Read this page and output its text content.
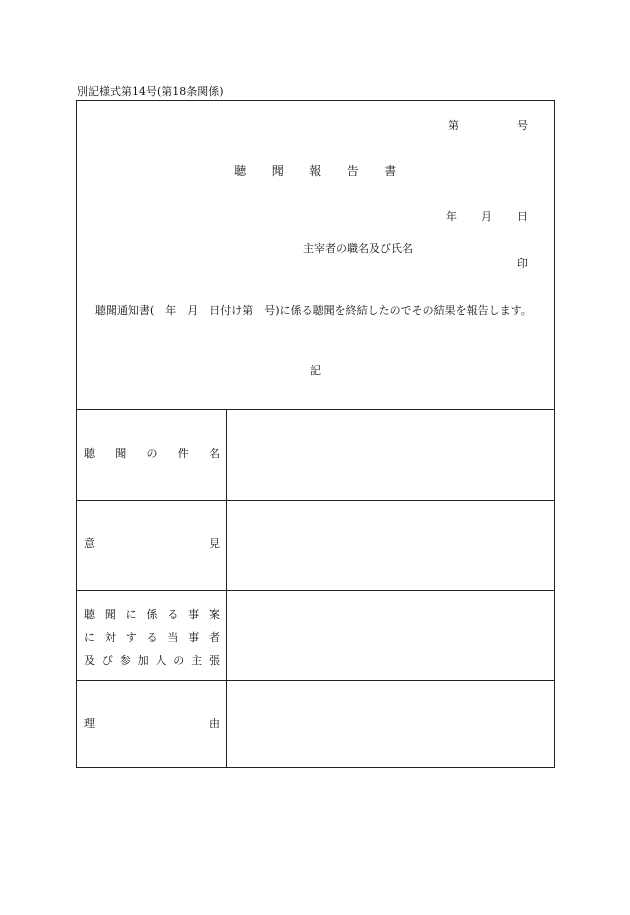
別記様式第14号(第18条関係)
第	号
聴　　聞　　報　　告　　書
年 月 日
主宰者の職名及び氏名
印
　聴聞通知書(　年　月　日付け第　号)に係る聴聞を終結したのでその結果を報告します。
記
聴聞の件名
意見
聴聞に係る事案
に対する当事者
及び参加人の主張
理由
